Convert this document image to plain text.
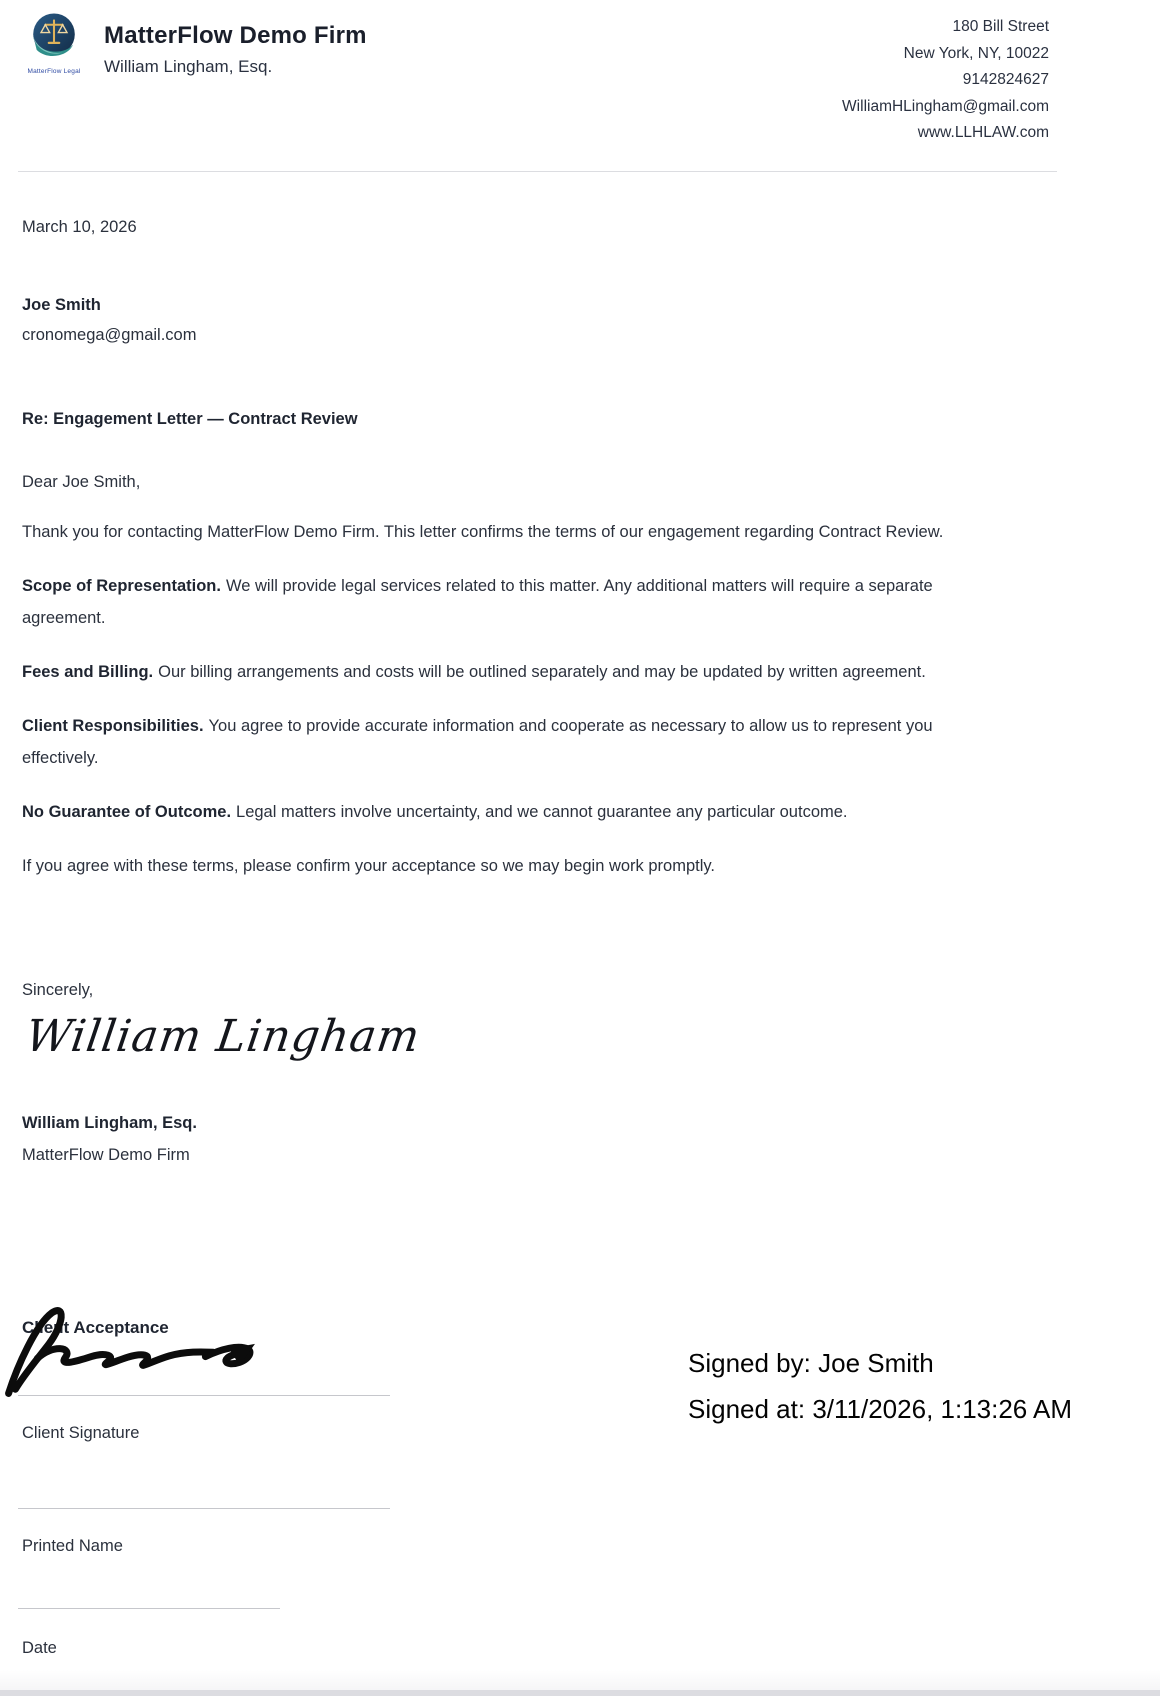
MatterFlow Legal
MatterFlow Demo Firm
William Lingham, Esq.
180 Bill Street
New York, NY, 10022
9142824627
WilliamHLingham@gmail.com
www.LLHLAW.com

March 10, 2026

Joe Smith

cronomega@gmail.com

Re: Engagement Letter — Contract Review

Dear Joe Smith,

Thank you for contacting MatterFlow Demo Firm. This letter confirms the terms of our engagement regarding Contract Review.

Scope of Representation. We will provide legal services related to this matter. Any additional matters will require a separate agreement.

Fees and Billing. Our billing arrangements and costs will be outlined separately and may be updated by written agreement.

Client Responsibilities. You agree to provide accurate information and cooperate as necessary to allow us to represent you effectively.

No Guarantee of Outcome. Legal matters involve uncertainty, and we cannot guarantee any particular outcome.

If you agree with these terms, please confirm your acceptance so we may begin work promptly.

Sincerely,

William Lingham

William Lingham, Esq.

MatterFlow Demo Firm

Client Acceptance
Signed by: Joe Smith
Signed at: 3/11/2026, 1:13:26 AM
Client Signature
Printed Name
Date
